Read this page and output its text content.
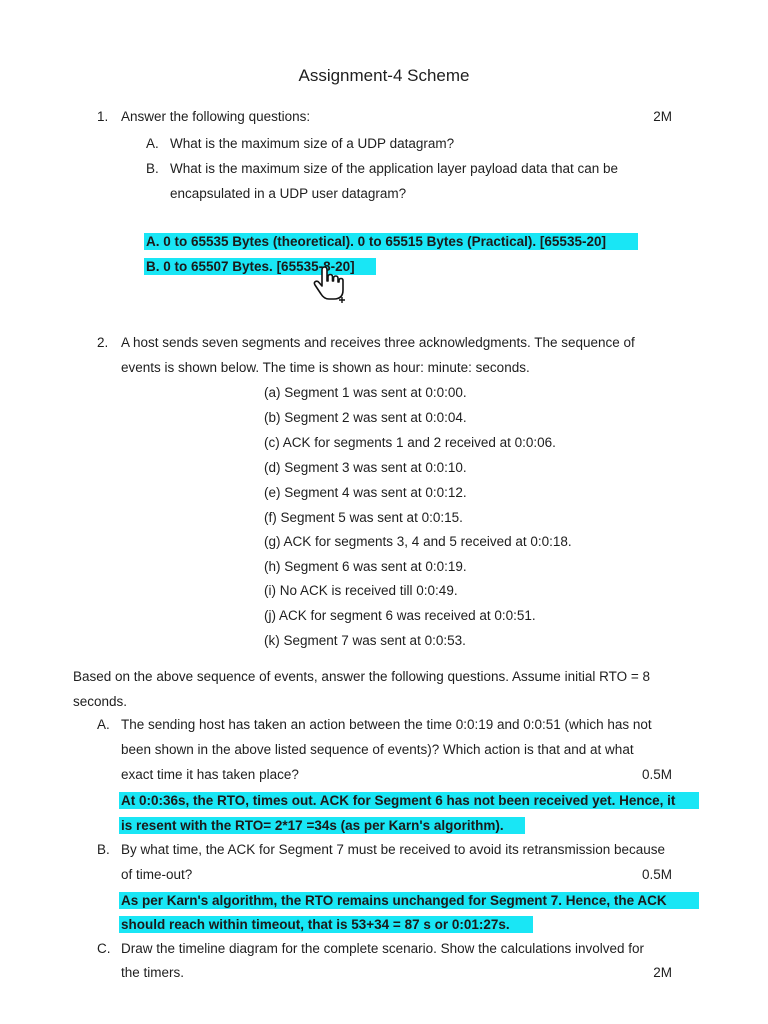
Assignment-4 Scheme
1. Answer the following questions:	2M
A. What is the maximum size of a UDP datagram?
B. What is the maximum size of the application layer payload data that can be
encapsulated in a UDP user datagram?
A. 0 to 65535 Bytes (theoretical). 0 to 65515 Bytes (Practical). [65535-20]
B. 0 to 65507 Bytes. [65535-8-20]
2. A host sends seven segments and receives three acknowledgments. The sequence of
events is shown below. The time is shown as hour: minute: seconds.
(a) Segment 1 was sent at 0:0:00.
(b) Segment 2 was sent at 0:0:04.
(c) ACK for segments 1 and 2 received at 0:0:06.
(d) Segment 3 was sent at 0:0:10.
(e) Segment 4 was sent at 0:0:12.
(f) Segment 5 was sent at 0:0:15.
(g) ACK for segments 3, 4 and 5 received at 0:0:18.
(h) Segment 6 was sent at 0:0:19.
(i) No ACK is received till 0:0:49.
(j) ACK for segment 6 was received at 0:0:51.
(k) Segment 7 was sent at 0:0:53.
Based on the above sequence of events, answer the following questions. Assume initial RTO = 8
seconds.
A. The sending host has taken an action between the time 0:0:19 and 0:0:51 (which has not
been shown in the above listed sequence of events)? Which action is that and at what
exact time it has taken place?	0.5M
At 0:0:36s, the RTO, times out. ACK for Segment 6 has not been received yet. Hence, it
is resent with the RTO= 2*17 =34s (as per Karn's algorithm).
B. By what time, the ACK for Segment 7 must be received to avoid its retransmission because
of time-out?	0.5M
As per Karn's algorithm, the RTO remains unchanged for Segment 7. Hence, the ACK
should reach within timeout, that is 53+34 = 87 s or 0:01:27s.
C. Draw the timeline diagram for the complete scenario. Show the calculations involved for
the timers.	2M
